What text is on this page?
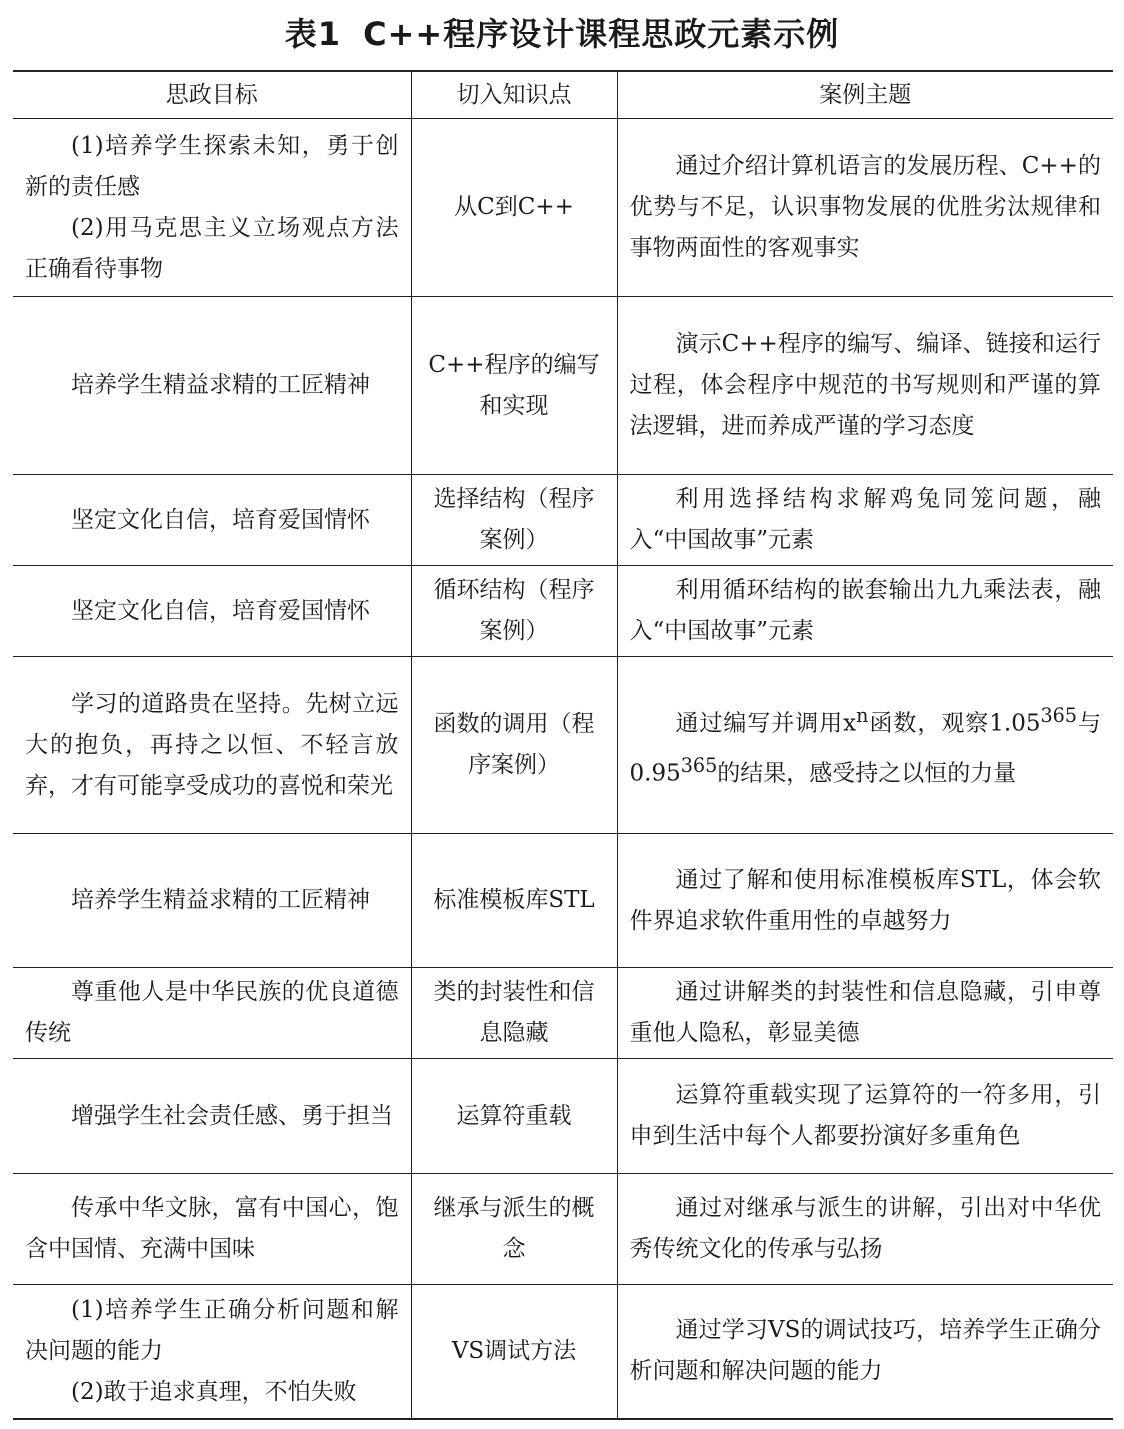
表1 C++程序设计课程思政元素示例
思政目标	切入知识点	案例主题

(1)培养学生探索未知，勇于创新的责任感

(2)用马克思主义立场观点方法正确看待事物	从C到C++	通过介绍计算机语言的发展历程、C++的优势与不足，认识事物发展的优胜劣汰规律和事物两面性的客观事实

培养学生精益求精的工匠精神	C++程序的编写和实现	演示C++程序的编写、编译、链接和运行过程，体会程序中规范的书写规则和严谨的算法逻辑，进而养成严谨的学习态度

坚定文化自信，培育爱国情怀	选择结构（程序案例）	利用选择结构求解鸡兔同笼问题，融入“中国故事”元素

坚定文化自信，培育爱国情怀	循环结构（程序案例）	利用循环结构的嵌套输出九九乘法表，融入“中国故事”元素

学习的道路贵在坚持。先树立远大的抱负，再持之以恒、不轻言放弃，才有可能享受成功的喜悦和荣光	函数的调用（程序案例）	通过编写并调用$x^n$函数，观察1.05$^{365}$与0.95$^{365}$的结果，感受持之以恒的力量

培养学生精益求精的工匠精神	标准模板库STL	通过了解和使用标准模板库STL，体会软件界追求软件重用性的卓越努力

尊重他人是中华民族的优良道德传统	类的封装性和信息隐藏	通过讲解类的封装性和信息隐藏，引申尊重他人隐私，彰显美德

增强学生社会责任感、勇于担当	运算符重载	运算符重载实现了运算符的一符多用，引申到生活中每个人都要扮演好多重角色

传承中华文脉，富有中国心，饱含中国情、充满中国味	继承与派生的概念	通过对继承与派生的讲解，引出对中华优秀传统文化的传承与弘扬

(1)培养学生正确分析问题和解决问题的能力

(2)敢于追求真理，不怕失败	VS调试方法	通过学习VS的调试技巧，培养学生正确分析问题和解决问题的能力
